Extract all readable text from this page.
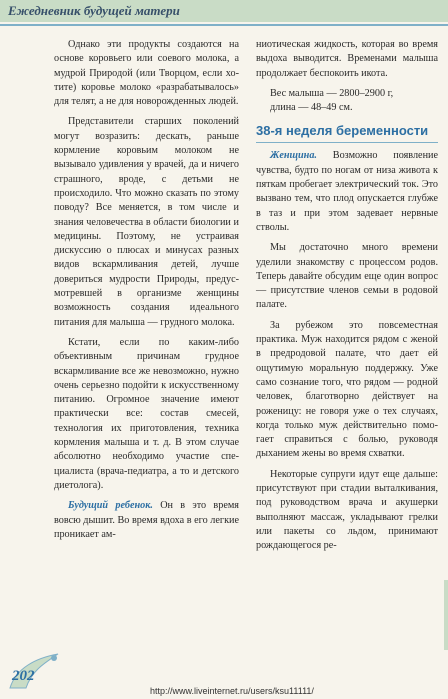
Ежедневник будущей матери

Однако эти продукты создаются на основе коровьего или соевого молока, а мудрой Природой (или Творцом, если хотите) коровье молоко «разрабатывалось» для телят, а не для новорожденных людей.

Представители старших поколений могут возразить: дескать, раньше кормление коровьим молоком не вызывало удивления у врачей, да и ничего страшного, вроде, с детьми не происходило. Что можно сказать по этому поводу? Все меняется, в том числе и знания человечества в области биологии и медицины. Поэтому, не устраивая дискуссию о плюсах и минусах разных видов вскармливания детей, лучше довериться мудрости Природы, предусмотревшей в организме женщины возможность создания идеального питания для малыша — грудного молока.

Кстати, если по каким-либо объективным причинам грудное вскармливание все же невозможно, нужно очень серьезно подойти к искусственному питанию. Огромное значение имеют практически все: состав смесей, технология их приготовления, техника кормления малыша и т. д. В этом случае абсолютно необходимо участие специалиста (врача-педиатра, а то и детского диетолога).

Будущий ребенок. Он в это время вовсю дышит. Во время вдоха в его легкие проникает ам-

ниотическая жидкость, которая во время выдоха выводится. Временами малыша продолжает беспокоить икота.

Вес малыша — 2800–2900 г,
длина — 48–49 см.
38-я неделя беременности

Женщина. Возможно появление чувства, будто по ногам от низа живота к пяткам пробегает электрический ток. Это вызвано тем, что плод опускается глубже в таз и при этом задевает нервные стволы.

Мы достаточно много времени уделили знакомству с процессом родов. Теперь давайте обсудим еще один вопрос — присутствие членов семьи в родовой палате.

За рубежом это повсеместная практика. Муж находится рядом с женой в предродовой палате, что дает ей ощутимую моральную поддержку. Уже само сознание того, что рядом — родной человек, благотворно действует на роженицу: не говоря уже о тех случаях, когда только муж действительно помогает справиться с болью, руководя дыханием жены во время схватки.

Некоторые супруги идут еще дальше: присутствуют при стадии выталкивания, под руководством врача и акушерки выполняют массаж, укладывают грелки или пакеты со льдом, принимают рождающегося ре-

202
http://www.liveinternet.ru/users/ksu11111/
